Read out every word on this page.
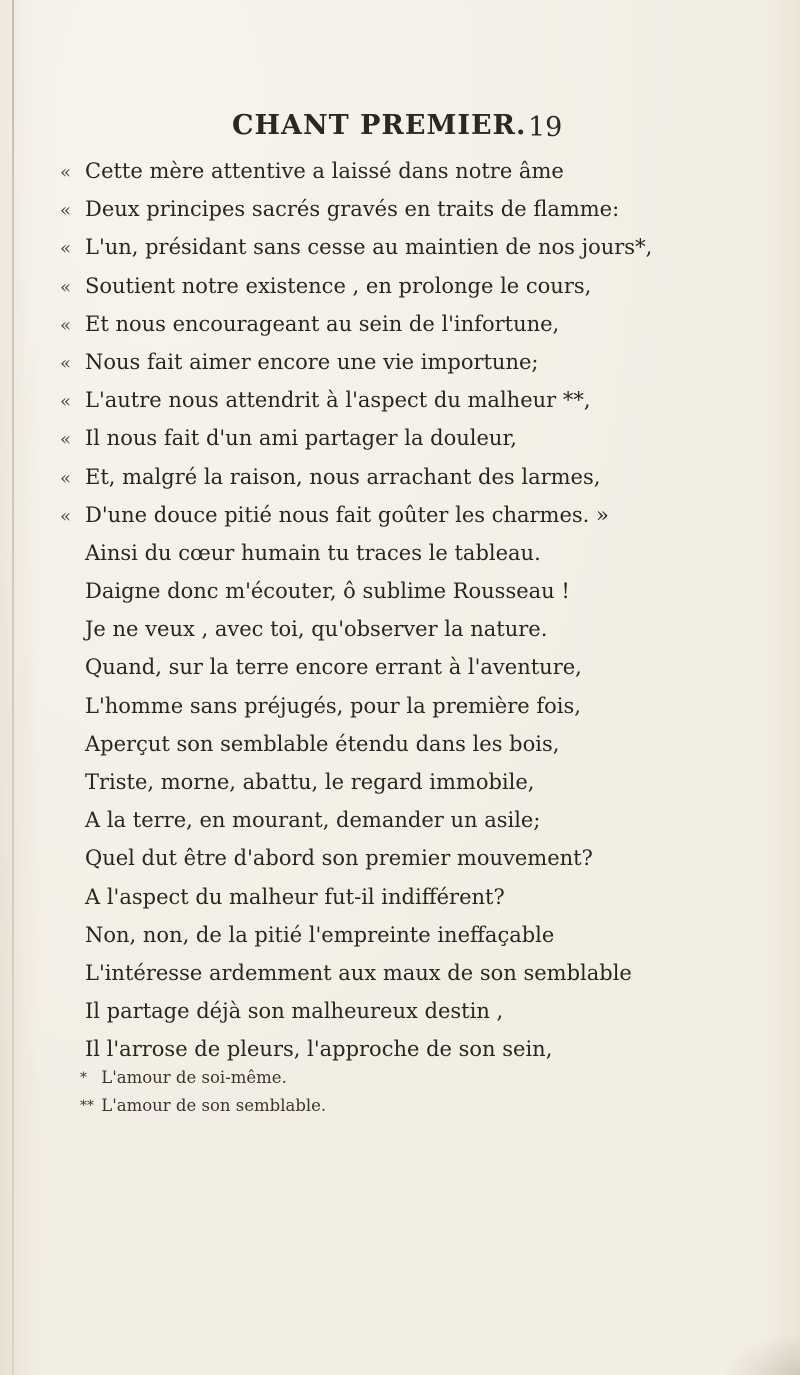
CHANT PREMIER. 19
« Cette mère attentive a laissé dans notre âme
« Deux principes sacrés gravés en traits de flamme:
« L'un, présidant sans cesse au maintien de nos jours*,
« Soutient notre existence , en prolonge le cours,
« Et nous encourageant au sein de l'infortune,
« Nous fait aimer encore une vie importune;
« L'autre nous attendrit à l'aspect du malheur **,
« Il nous fait d'un ami partager la douleur,
« Et, malgré la raison, nous arrachant des larmes,
« D'une douce pitié nous fait goûter les charmes. »
Ainsi du cœur humain tu traces le tableau.
Daigne donc m'écouter, ô sublime Rousseau !
Je ne veux , avec toi, qu'observer la nature.
Quand, sur la terre encore errant à l'aventure,
L'homme sans préjugés, pour la première fois,
Aperçut son semblable étendu dans les bois,
Triste, morne, abattu, le regard immobile,
A la terre, en mourant, demander un asile;
Quel dut être d'abord son premier mouvement?
A l'aspect du malheur fut-il indifférent?
Non, non, de la pitié l'empreinte ineffaçable
L'intéresse ardemment aux maux de son semblable
Il partage déjà son malheureux destin ,
Il l'arrose de pleurs, l'approche de son sein,
* L'amour de soi-même.
** L'amour de son semblable.
